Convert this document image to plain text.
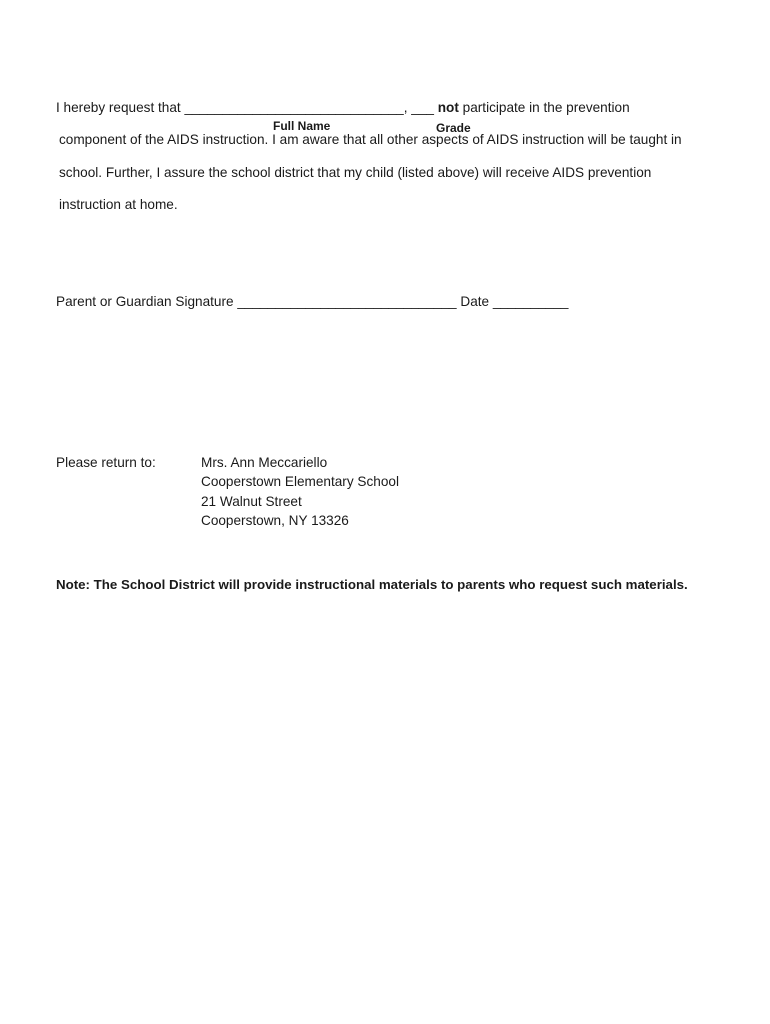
I hereby request that _____________________________, ___ not participate in the prevention
Full Name	Grade
component of the AIDS instruction. I am aware that all other aspects of AIDS instruction will be taught in
school. Further, I assure the school district that my child (listed above) will receive AIDS prevention
instruction at home.
Parent or Guardian Signature _____________________________ Date __________
Please return to:	Mrs. Ann Meccariello
Cooperstown Elementary School
21 Walnut Street
Cooperstown, NY 13326
Note: The School District will provide instructional materials to parents who request such materials.
